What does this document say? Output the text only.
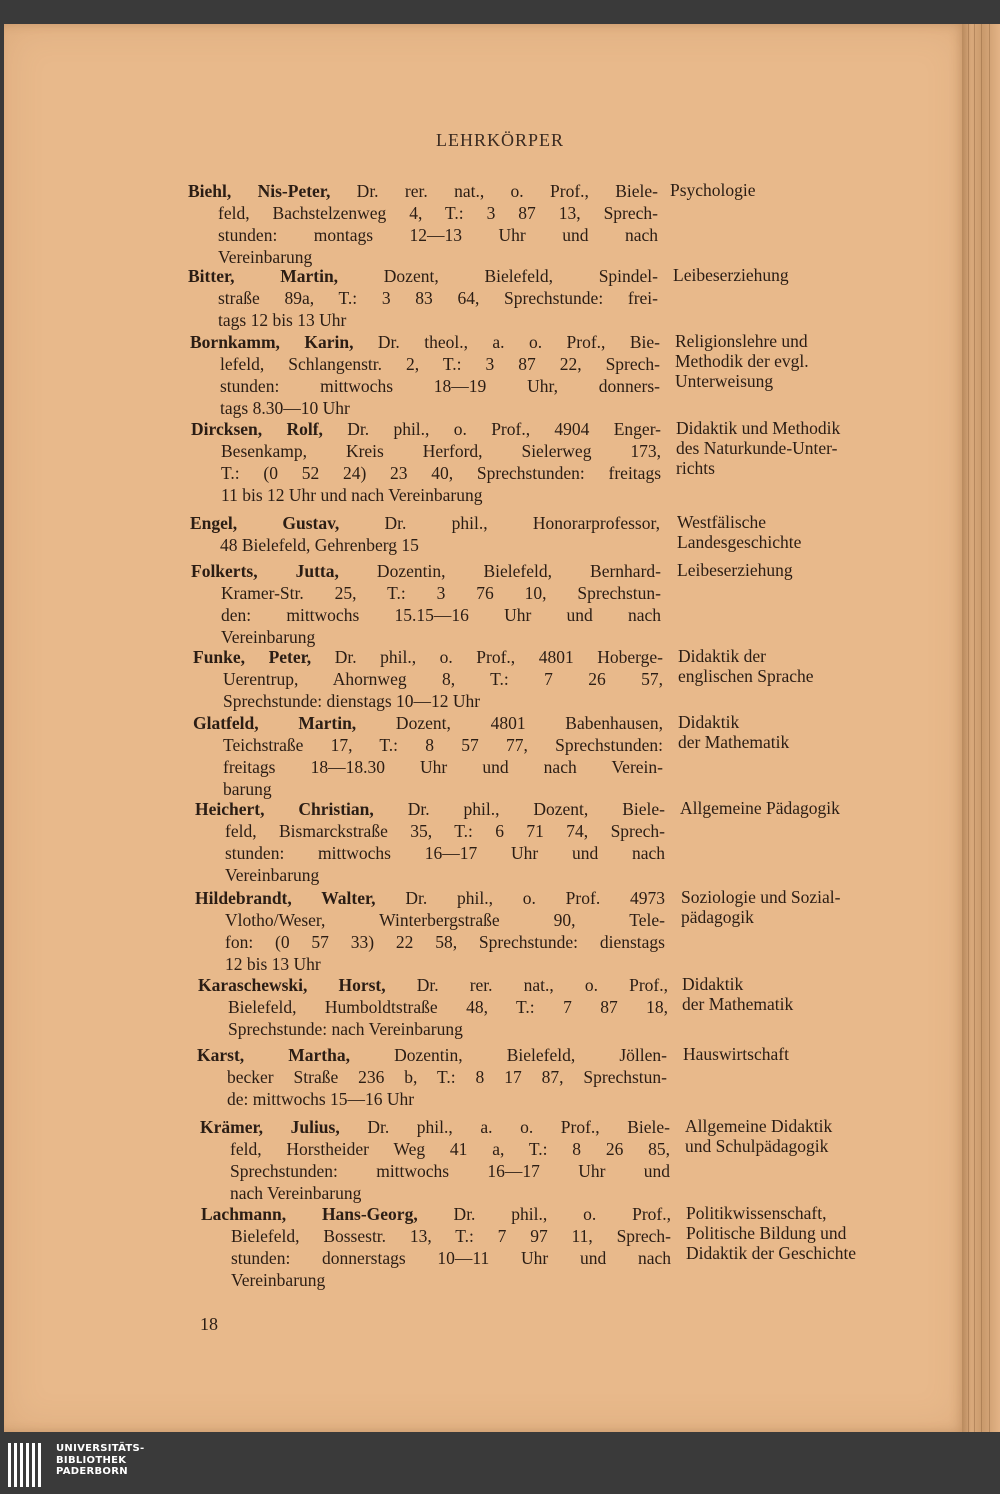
LEHRKÖRPER
Biehl, Nis-Peter, Dr. rer. nat., o. Prof., Biele-
feld, Bachstelzenweg 4, T.: 3 87 13, Sprech-
stunden: montags 12—13 Uhr und nach
Vereinbarung
Psychologie
Bitter, Martin, Dozent, Bielefeld, Spindel-
straße 89a, T.: 3 83 64, Sprechstunde: frei-
tags 12 bis 13 Uhr
Leibeserziehung
Bornkamm, Karin, Dr. theol., a. o. Prof., Bie-
lefeld, Schlangenstr. 2, T.: 3 87 22, Sprech-
stunden: mittwochs 18—19 Uhr, donners-
tags 8.30—10 Uhr
Religionslehre und
Methodik der evgl.
Unterweisung
Dircksen, Rolf, Dr. phil., o. Prof., 4904 Enger-
Besenkamp, Kreis Herford, Sielerweg 173,
T.: (0 52 24) 23 40, Sprechstunden: freitags
11 bis 12 Uhr und nach Vereinbarung
Didaktik und Methodik
des Naturkunde-Unter-
richts
Engel, Gustav, Dr. phil., Honorarprofessor,
48 Bielefeld, Gehrenberg 15
Westfälische
Landesgeschichte
Folkerts, Jutta, Dozentin, Bielefeld, Bernhard-
Kramer-Str. 25, T.: 3 76 10, Sprechstun-
den: mittwochs 15.15—16 Uhr und nach
Vereinbarung
Leibeserziehung
Funke, Peter, Dr. phil., o. Prof., 4801 Hoberge-
Uerentrup, Ahornweg 8, T.: 7 26 57,
Sprechstunde: dienstags 10—12 Uhr
Didaktik der
englischen Sprache
Glatfeld, Martin, Dozent, 4801 Babenhausen,
Teichstraße 17, T.: 8 57 77, Sprechstunden:
freitags 18—18.30 Uhr und nach Verein-
barung
Didaktik
der Mathematik
Heichert, Christian, Dr. phil., Dozent, Biele-
feld, Bismarckstraße 35, T.: 6 71 74, Sprech-
stunden: mittwochs 16—17 Uhr und nach
Vereinbarung
Allgemeine Pädagogik
Hildebrandt, Walter, Dr. phil., o. Prof. 4973
Vlotho/Weser, Winterbergstraße 90, Tele-
fon: (0 57 33) 22 58, Sprechstunde: dienstags
12 bis 13 Uhr
Soziologie und Sozial-
pädagogik
Karaschewski, Horst, Dr. rer. nat., o. Prof.,
Bielefeld, Humboldtstraße 48, T.: 7 87 18,
Sprechstunde: nach Vereinbarung
Didaktik
der Mathematik
Karst, Martha, Dozentin, Bielefeld, Jöllen-
becker Straße 236 b, T.: 8 17 87, Sprechstun-
de: mittwochs 15—16 Uhr
Hauswirtschaft
Krämer, Julius, Dr. phil., a. o. Prof., Biele-
feld, Horstheider Weg 41 a, T.: 8 26 85,
Sprechstunden: mittwochs 16—17 Uhr und
nach Vereinbarung
Allgemeine Didaktik
und Schulpädagogik
Lachmann, Hans-Georg, Dr. phil., o. Prof.,
Bielefeld, Bossestr. 13, T.: 7 97 11, Sprech-
stunden: donnerstags 10—11 Uhr und nach
Vereinbarung
Politikwissenschaft,
Politische Bildung und
Didaktik der Geschichte
18
UNIVERSITÄTS-
BIBLIOTHEK
PADERBORN
